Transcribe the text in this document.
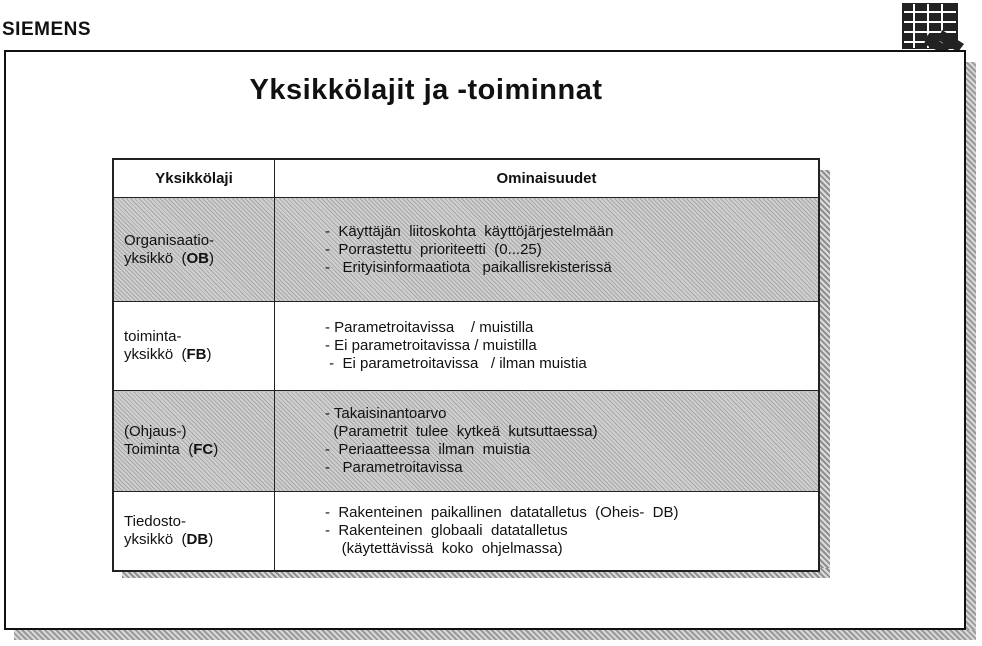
SIEMENS
Yksikkölajit ja -toiminnat
Yksikkölaji	Ominaisuudet

Organisaatio-
yksikkö  (OB)	-  Käyttäjän  liitoskohta  käyttöjärjestelmään
-  Porrastettu  prioriteetti  (0...25)
-   Erityisinformaatiota   paikallisrekisterissä

toiminta-
yksikkö  (FB)	- Parametroitavissa    / muistilla
- Ei parametroitavissa / muistilla
-  Ei parametroitavissa   / ilman muistia

(Ohjaus-)
Toiminta  (FC)	- Takaisinantoarvo
(Parametrit  tulee  kytkeä  kutsuttaessa)
-  Periaatteessa  ilman  muistia
-   Parametroitavissa

Tiedosto-
yksikkö  (DB)	-  Rakenteinen  paikallinen  datatalletus  (Oheis-  DB)
-  Rakenteinen  globaali  datatalletus
(käytettävissä  koko  ohjelmassa)
